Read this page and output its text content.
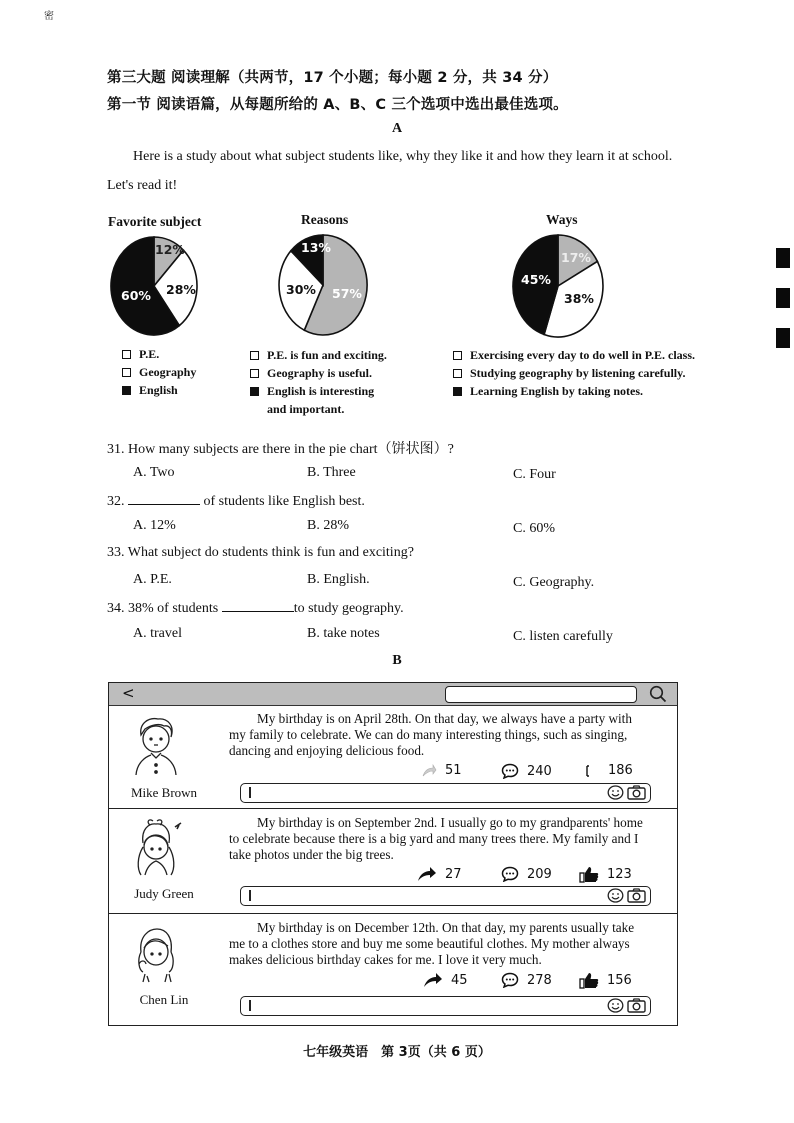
密
第三大题 阅读理解（共两节，17 个小题；每小题 2 分，共 34 分）
第一节 阅读语篇，从每题所给的 A、B、C 三个选项中选出最佳选项。
A
Here is a study about what subject students like, why they like it and how they learn it at school. Let's read it!
Favorite subject
12%
28%
60%
P.E.
Geography
English
Reasons
57%
30%
13%
P.E. is fun and exciting.
Geography is useful.
English is interesting
and important.
Ways
17%
38%
45%
Exercising every day to do well in P.E. class.
Studying geography by listening carefully.
Learning English by taking notes.
31. How many subjects are there in the pie chart（饼状图）?
A. Two	B. Three	C. Four
32.	of students like English best.
A. 12%	B. 28%	C. 60%
33. What subject do students think is fun and exciting?
A. P.E.	B. English.	C. Geography.
34. 38% of students	to study geography.
A. travel	B. take notes	C. listen carefully
B
<
Mike Brown
My birthday is on April 28th. On that day, we always have a party with my family to celebrate. We can do many interesting things, such as singing, dancing and enjoying delicious food.
51	240	186
Judy Green
My birthday is on September 2nd. I usually go to my grandparents' home to celebrate because there is a big yard and many trees there. My family and I take photos under the big trees.
27	209	123
Chen Lin
My birthday is on December 12th. On that day, my parents usually take me to a clothes store and buy me some beautiful clothes. My mother always makes delicious birthday cakes for me. I love it very much.
45	278	156
七年级英语　第 3页（共 6 页）
